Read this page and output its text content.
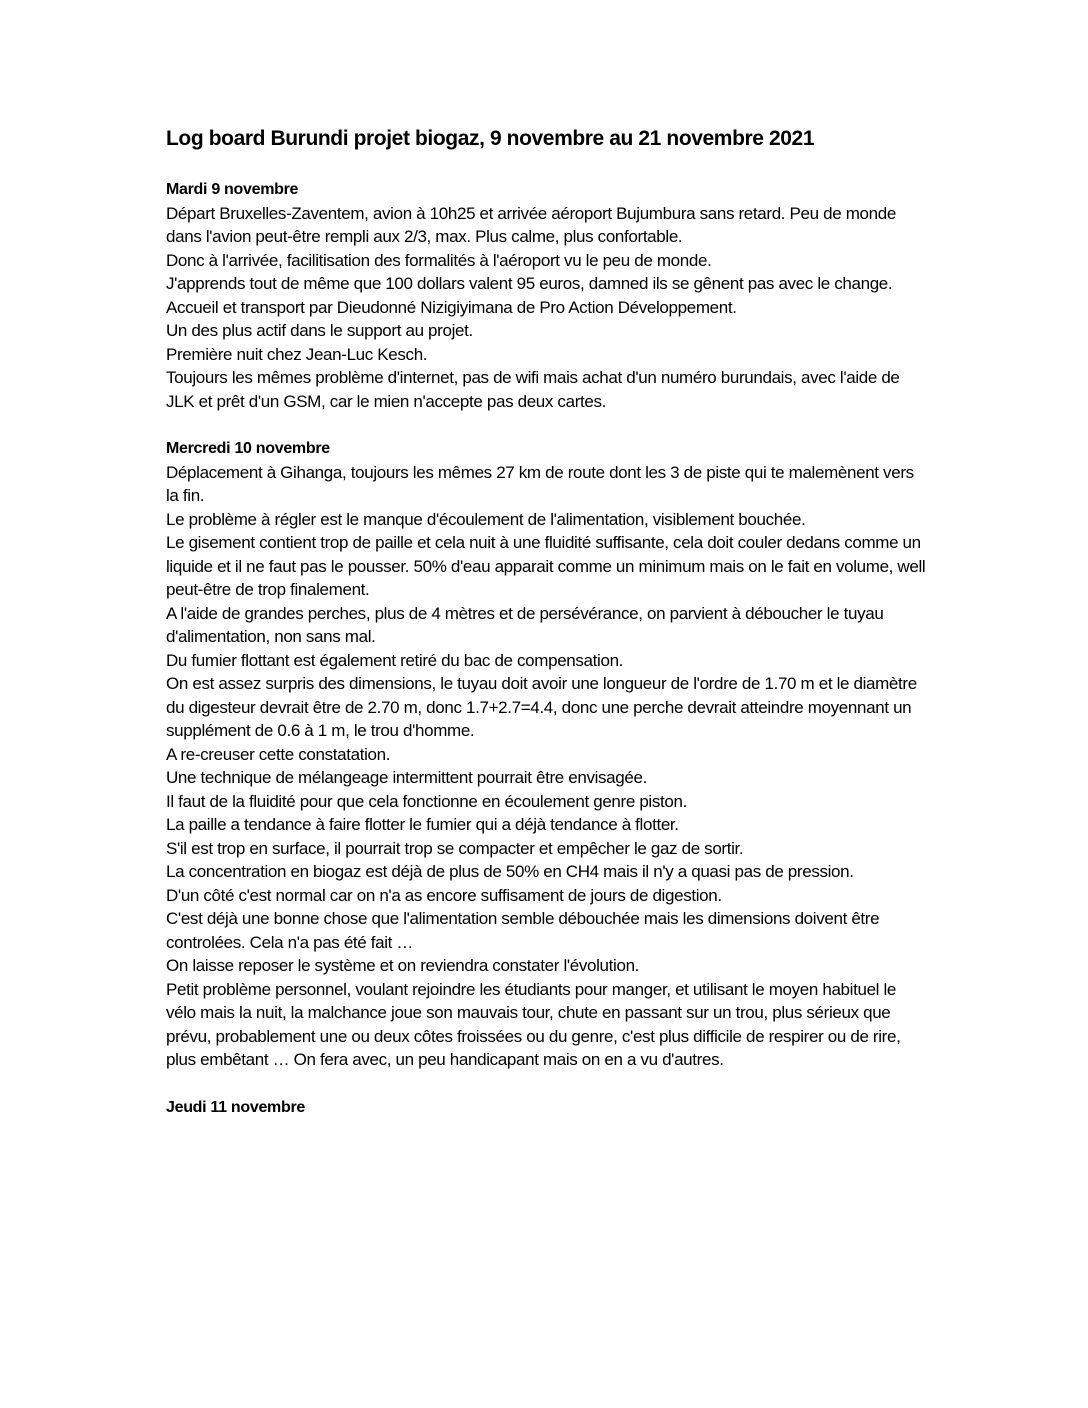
Log board Burundi projet biogaz, 9 novembre au 21 novembre 2021
Mardi 9 novembre

Départ Bruxelles-Zaventem, avion à 10h25 et arrivée aéroport Bujumbura sans retard. Peu de monde dans l'avion peut-être rempli aux 2/3, max. Plus calme, plus confortable.

Donc à l'arrivée, facilitisation des formalités à l'aéroport vu le peu de monde.

J'apprends tout de même que 100 dollars valent 95 euros, damned ils se gênent pas avec le change.

Accueil et transport par Dieudonné Nizigiyimana de Pro Action Développement.

Un des plus actif dans le support au projet.

Première nuit chez Jean-Luc Kesch.

Toujours les mêmes problème d'internet, pas de wifi mais achat d'un numéro burundais, avec l'aide de JLK et prêt d'un GSM, car le mien n'accepte pas deux cartes.

Mercredi 10 novembre

Déplacement à Gihanga, toujours les mêmes 27 km de route dont les 3 de piste qui te malemènent vers la fin.

Le problème à régler est le manque d'écoulement de l'alimentation, visiblement bouchée.

Le gisement contient trop de paille et cela nuit à une fluidité suffisante, cela doit couler dedans comme un liquide et il ne faut pas le pousser. 50% d'eau apparait comme un minimum mais on le fait en volume, well peut-être de trop finalement.

A l'aide de grandes perches, plus de 4 mètres et de persévérance, on parvient à déboucher le tuyau d'alimentation, non sans mal.

Du fumier flottant est également retiré du bac de compensation.

On est assez surpris des dimensions, le tuyau doit avoir une longueur de l'ordre de 1.70 m et le diamètre du digesteur devrait être de 2.70 m, donc 1.7+2.7=4.4, donc une perche devrait atteindre moyennant un supplément de 0.6 à 1 m, le trou d'homme.

A re-creuser cette constatation.

Une technique de mélangeage intermittent pourrait être envisagée.

Il faut de la fluidité pour que cela fonctionne en écoulement genre piston.

La paille a tendance à faire flotter le fumier qui a déjà tendance à flotter.

S'il est trop en surface, il pourrait trop se compacter et empêcher le gaz de sortir.

La concentration en biogaz est déjà de plus de 50% en CH4 mais il n'y a quasi pas de pression.

D'un côté c'est normal car on n'a as encore suffisament de jours de digestion.

C'est déjà une bonne chose que l'alimentation semble débouchée mais les dimensions doivent être controlées. Cela n'a pas été fait …

On laisse reposer le système et on reviendra constater l'évolution.

Petit problème personnel, voulant rejoindre les étudiants pour manger, et utilisant le moyen habituel le vélo mais la nuit, la malchance joue son mauvais tour, chute en passant sur un trou, plus sérieux que prévu, probablement une ou deux côtes froissées ou du genre, c'est plus difficile de respirer ou de rire, plus embêtant … On fera avec, un peu handicapant mais on en a vu d'autres.

Jeudi 11 novembre
